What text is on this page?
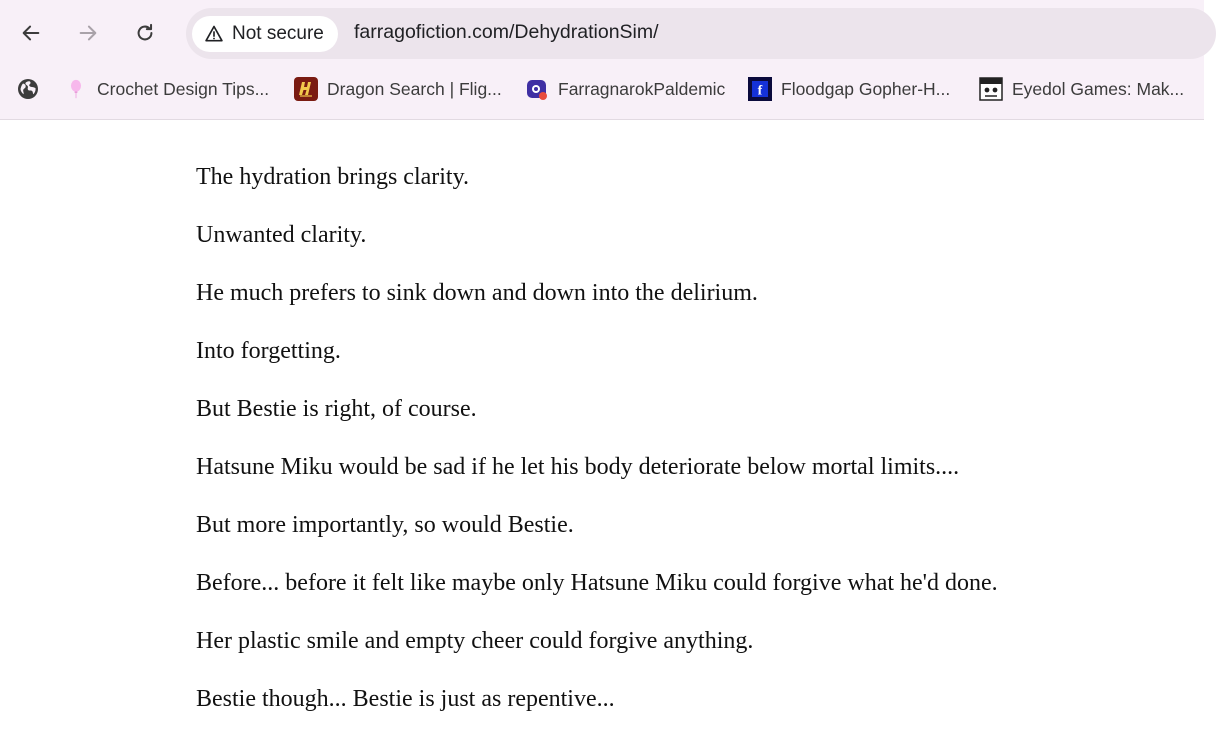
Not secure farragofiction.com/DehydrationSim/
Crochet Design Tips...	Dragon Search | Flig...	FarragnarokPaldemic f Floodgap Gopher-H...	Eyedol Games: Mak...

The hydration brings clarity.

Unwanted clarity.

He much prefers to sink down and down into the delirium.

Into forgetting.

But Bestie is right, of course.

Hatsune Miku would be sad if he let his body deteriorate below mortal limits....

But more importantly, so would Bestie.

Before... before it felt like maybe only Hatsune Miku could forgive what he'd done.

Her plastic smile and empty cheer could forgive anything.

Bestie though... Bestie is just as repentive...
